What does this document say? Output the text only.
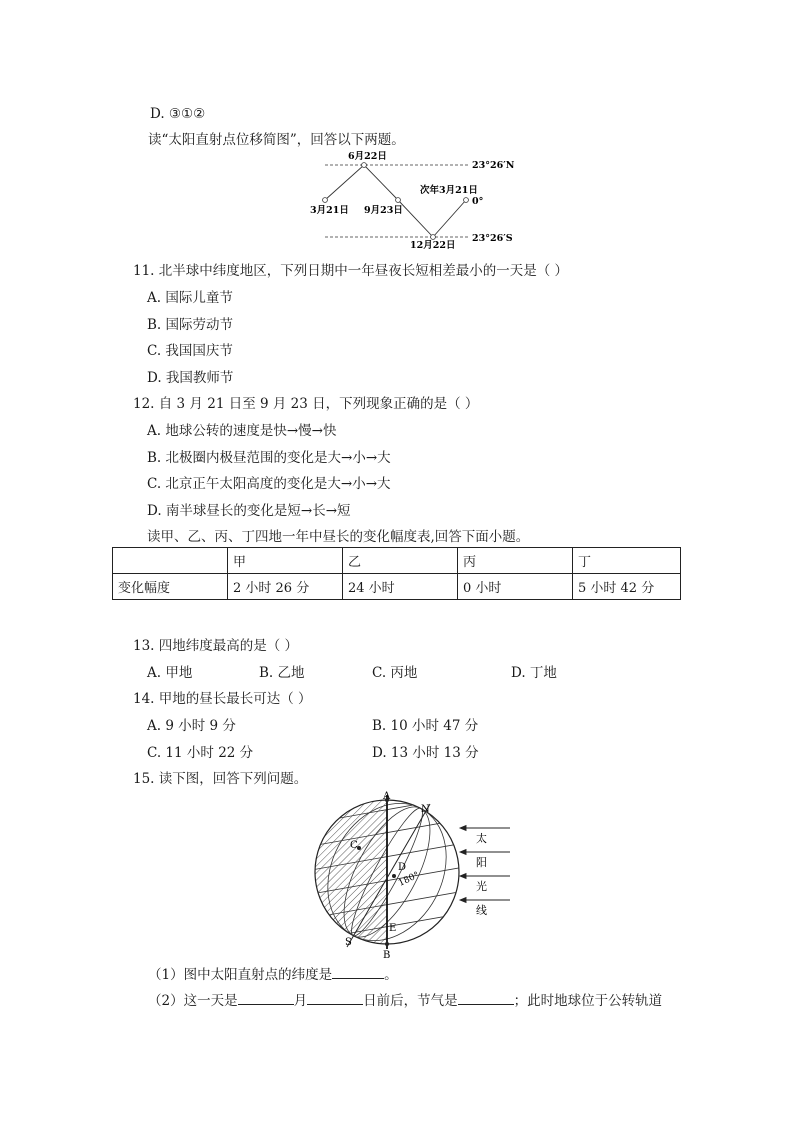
D. ③①②
读“太阳直射点位移简图”，回答以下两题。
6月22日
3月21日 9月23日
次年3月21日
12月22日
23°26′N
0°
23°26′S
11. 北半球中纬度地区，下列日期中一年昼夜长短相差最小的一天是（ ）
A. 国际儿童节
B. 国际劳动节
C. 我国国庆节
D. 我国教师节
12. 自 3 月 21 日至 9 月 23 日，下列现象正确的是（ ）
A. 地球公转的速度是快→慢→快
B. 北极圈内极昼范围的变化是大→小→大
C. 北京正午太阳高度的变化是大→小→大
D. 南半球昼长的变化是短→长→短
读甲、乙、丙、丁四地一年中昼长的变化幅度表,回答下面小题。
	甲	乙	丙	丁
变化幅度	2 小时 26 分	24 小时	0 小时	5 小时 42 分
13. 四地纬度最高的是（ ）
A. 甲地	B. 乙地	C. 丙地	D. 丁地
14. 甲地的昼长最长可达（ ）
A. 9 小时 9 分	B. 10 小时 47 分
C. 11 小时 22 分	D. 13 小时 13 分
15. 读下图，回答下列问题。
A
B
C
D
E
N
S
180°
太
阳
光
线
（1）图中太阳直射点的纬度是	。
（2）这一天是	月	日前后，节气是	；此时地球位于公转轨道
